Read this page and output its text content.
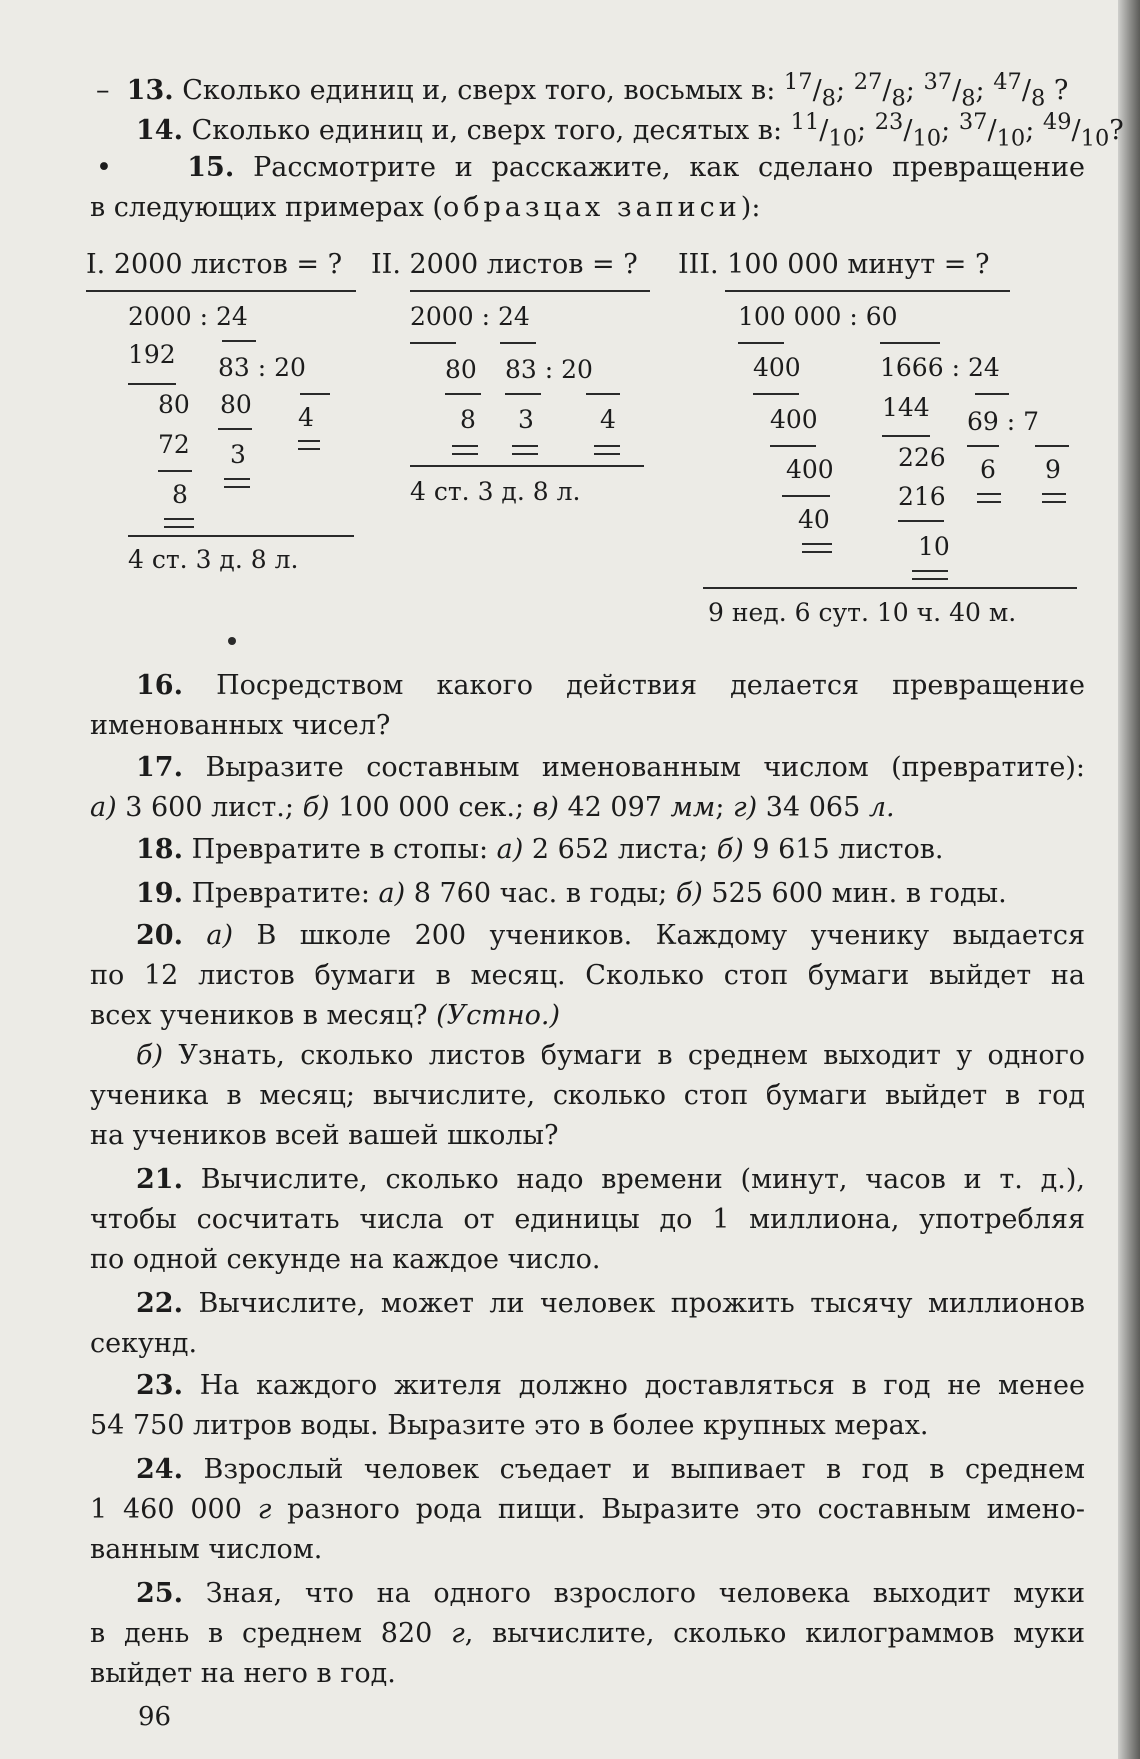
– 13. Сколько единиц и, сверх того, восьмых в: $^{17}/_8$; $^{27}/_8$; $^{37}/_8$; $^{47}/_8$ ?
14. Сколько единиц и, сверх того, десятых в: $^{11}/_{10}$; $^{23}/_{10}$; $^{37}/_{10}$; $^{49}/_{10}$?
•	15. Рассмотрите и расскажите, как сделано превращение
в следующих примерах (образцах записи):
I. 2000 листов = ? II. 2000 листов = ? III. 100 000 минут = ?
2000 : 24
192 83 : 20
80 80 4
72 3
8
4 ст. 3 д. 8 л.
2000 : 24
80 83 : 20
8 3	4
4 ст. 3 д. 8 л.
100 000 : 60
400	1666 : 24
400	144 69 : 7
400	226 6 9
40
216
10
9 нед. 6 сут. 10 ч. 40 м.
16. Посредством какого действия делается превращение
именованных чисел?
17. Выразите составным именованным числом (превратите):
а) 3 600 лист.; б) 100 000 сек.; в) 42 097 мм; г) 34 065 л.
18. Превратите в стопы: а) 2 652 листа; б) 9 615 листов.
19. Превратите: а) 8 760 час. в годы; б) 525 600 мин. в годы.
20. а) В школе 200 учеников. Каждому ученику выдается
по 12 листов бумаги в месяц. Сколько стоп бумаги выйдет на
всех учеников в месяц? (Устно.)
б) Узнать, сколько листов бумаги в среднем выходит у одного
ученика в месяц; вычислите, сколько стоп бумаги выйдет в год
на учеников всей вашей школы?
21. Вычислите, сколько надо времени (минут, часов и т. д.),
чтобы сосчитать числа от единицы до 1 миллиона, употребляя
по одной секунде на каждое число.
22. Вычислите, может ли человек прожить тысячу миллионов
секунд.
23. На каждого жителя должно доставляться в год не менее
54 750 литров воды. Выразите это в более крупных мерах.
24. Взрослый человек съедает и выпивает в год в среднем
1 460 000 г разного рода пищи. Выразите это составным имено-
ванным числом.
25. Зная, что на одного взрослого человека выходит муки
в день в среднем 820 г, вычислите, сколько килограммов муки
выйдет на него в год.
96
